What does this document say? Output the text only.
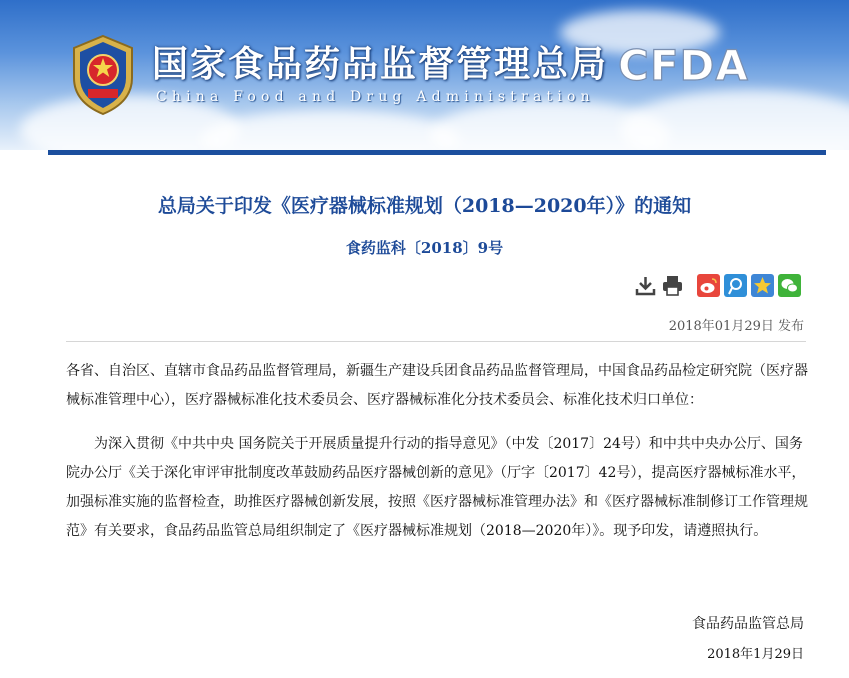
国家食品药品监督管理总局

China Food and Drug Administration

CFDA
总局关于印发《医疗器械标准规划（2018—2020年）》的通知

食药监科〔2018〕9号

2018年01月29日 发布

各省、自治区、直辖市食品药品监督管理局，新疆生产建设兵团食品药品监督管理局，中国食品药品检定研究院（医疗器械标准管理中心），医疗器械标准化技术委员会、医疗器械标准化分技术委员会、标准化技术归口单位：

为深入贯彻《中共中央 国务院关于开展质量提升行动的指导意见》（中发〔2017〕24号）和中共中央办公厅、国务院办公厅《关于深化审评审批制度改革鼓励药品医疗器械创新的意见》（厅字〔2017〕42号），提高医疗器械标准水平，加强标准实施的监督检查，助推医疗器械创新发展，按照《医疗器械标准管理办法》和《医疗器械标准制修订工作管理规范》有关要求，食品药品监管总局组织制定了《医疗器械标准规划（2018—2020年）》。现予印发，请遵照执行。

食品药品监管总局

2018年1月29日
